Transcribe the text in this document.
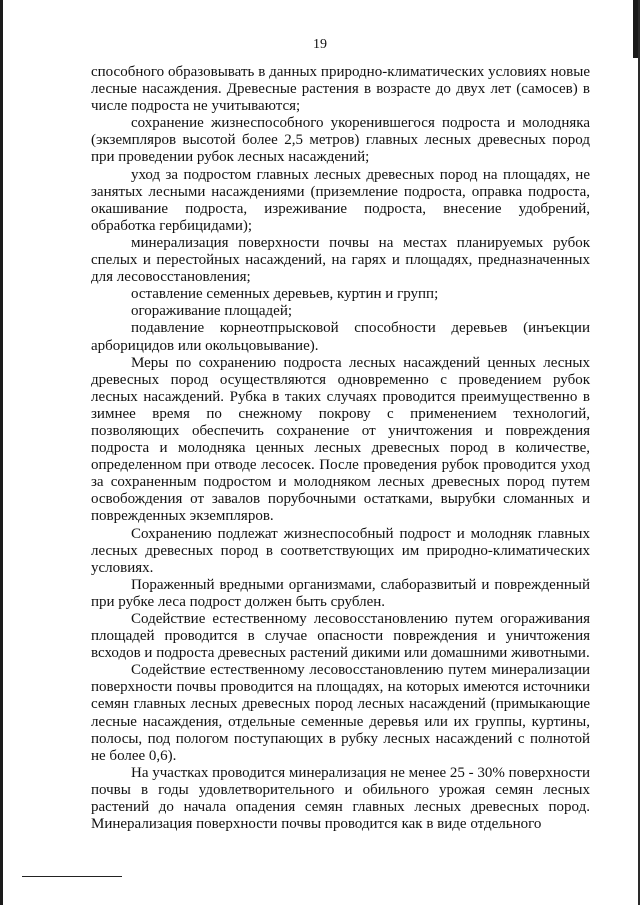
19

способного образовывать в данных природно-климатических условиях новые лесные насаждения. Древесные растения в возрасте до двух лет (самосев) в числе подроста не учитываются;

сохранение жизнеспособного укоренившегося подроста и молодняка (экземпляров высотой более 2,5 метров) главных лесных древесных пород при проведении рубок лесных насаждений;

уход за подростом главных лесных древесных пород на площадях, не занятых лесными насаждениями (приземление подроста, оправка подроста, окашивание подроста, изреживание подроста, внесение удобрений, обработка гербицидами);

минерализация поверхности почвы на местах планируемых рубок спелых и перестойных насаждений, на гарях и площадях, предназначенных для лесовосстановления;

оставление семенных деревьев, куртин и групп;

огораживание площадей;

подавление корнеотпрысковой способности деревьев (инъекции арборицидов или окольцовывание).

Меры по сохранению подроста лесных насаждений ценных лесных древесных пород осуществляются одновременно с проведением рубок лесных насаждений. Рубка в таких случаях проводится преимущественно в зимнее время по снежному покрову с применением технологий, позволяющих обеспечить сохранение от уничтожения и повреждения подроста и молодняка ценных лесных древесных пород в количестве, определенном при отводе лесосек. После проведения рубок проводится уход за сохраненным подростом и молодняком лесных древесных пород путем освобождения от завалов порубочными остатками, вырубки сломанных и поврежденных экземпляров.

Сохранению подлежат жизнеспособный подрост и молодняк главных лесных древесных пород в соответствующих им природно-климатических условиях.

Пораженный вредными организмами, слаборазвитый и поврежденный при рубке леса подрост должен быть срублен.

Содействие естественному лесовосстановлению путем огораживания площадей проводится в случае опасности повреждения и уничтожения всходов и подроста древесных растений дикими или домашними животными.

Содействие естественному лесовосстановлению путем минерализации поверхности почвы проводится на площадях, на которых имеются источники семян главных лесных древесных пород лесных насаждений (примыкающие лесные насаждения, отдельные семенные деревья или их группы, куртины, полосы, под пологом поступающих в рубку лесных насаждений с полнотой не более 0,6).

На участках проводится минерализация не менее 25 - 30% поверхности почвы в годы удовлетворительного и обильного урожая семян лесных растений до начала опадения семян главных лесных древесных пород. Минерализация поверхности почвы проводится как в виде отдельного
